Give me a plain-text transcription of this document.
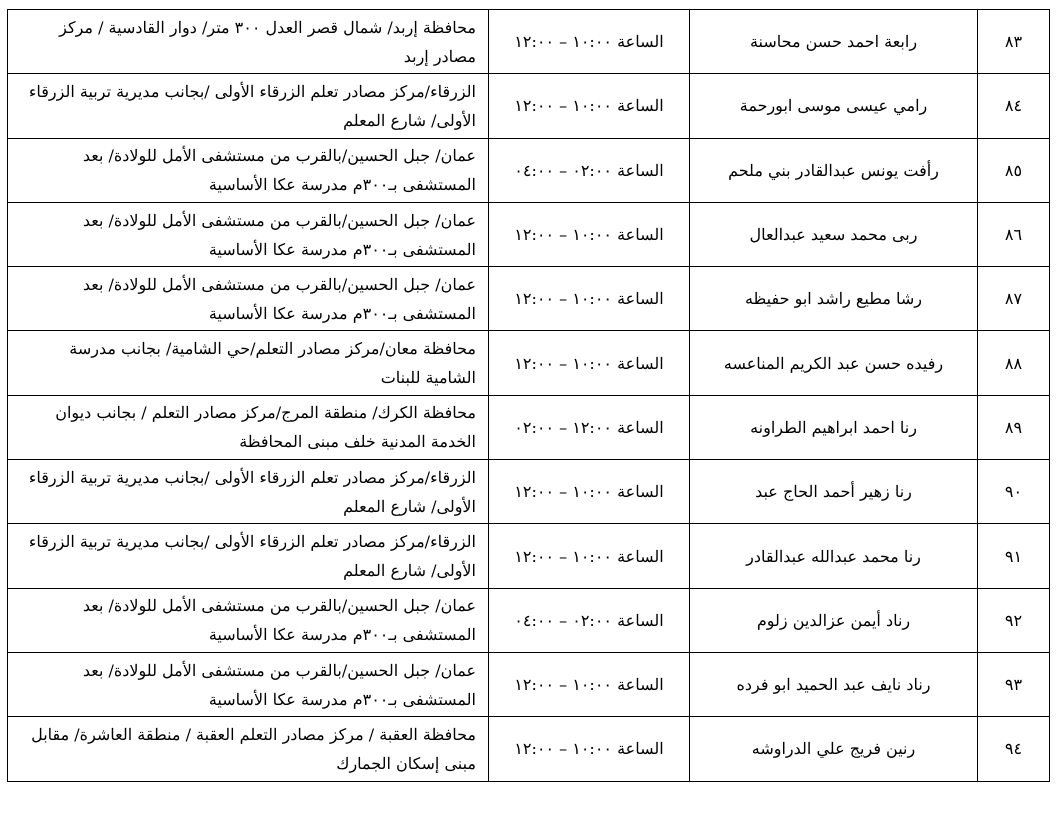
٨٣	رابعة احمد حسن محاسنة	الساعة ١٠:٠٠ – ١٢:٠٠	محافظة إربد/ شمال قصر العدل ٣٠٠ متر/ دوار القادسية / مركز مصادر إربد
٨٤	رامي عيسى موسى ابورحمة	الساعة ١٠:٠٠ – ١٢:٠٠	الزرقاء/مركز مصادر تعلم الزرقاء الأولى /بجانب مديرية تربية الزرقاء الأولى/ شارع المعلم
٨٥	رأفت يونس عبدالقادر بني ملحم	الساعة ٠٢:٠٠ – ٠٤:٠٠	عمان/ جبل الحسين/بالقرب من مستشفى الأمل للولادة/ بعد المستشفى بـ٣٠٠م مدرسة عكا الأساسية
٨٦	ربى محمد سعيد عبدالعال	الساعة ١٠:٠٠ – ١٢:٠٠	عمان/ جبل الحسين/بالقرب من مستشفى الأمل للولادة/ بعد المستشفى بـ٣٠٠م مدرسة عكا الأساسية
٨٧	رشا مطيع راشد ابو حفيظه	الساعة ١٠:٠٠ – ١٢:٠٠	عمان/ جبل الحسين/بالقرب من مستشفى الأمل للولادة/ بعد المستشفى بـ٣٠٠م مدرسة عكا الأساسية
٨٨	رفيده حسن عبد الكريم المناعسه	الساعة ١٠:٠٠ – ١٢:٠٠	محافظة معان/مركز مصادر التعلم/حي الشامية/ بجانب مدرسة الشامية للبنات
٨٩	رنا احمد ابراهيم الطراونه	الساعة ١٢:٠٠ – ٠٢:٠٠	محافظة الكرك/ منطقة المرج/مركز مصادر التعلم / بجانب ديوان الخدمة المدنية خلف مبنى المحافظة
٩٠	رنا زهير أحمد الحاج عبد	الساعة ١٠:٠٠ – ١٢:٠٠	الزرقاء/مركز مصادر تعلم الزرقاء الأولى /بجانب مديرية تربية الزرقاء الأولى/ شارع المعلم
٩١	رنا محمد عبدالله عبدالقادر	الساعة ١٠:٠٠ – ١٢:٠٠	الزرقاء/مركز مصادر تعلم الزرقاء الأولى /بجانب مديرية تربية الزرقاء الأولى/ شارع المعلم
٩٢	رناد أيمن عزالدين زلوم	الساعة ٠٢:٠٠ – ٠٤:٠٠	عمان/ جبل الحسين/بالقرب من مستشفى الأمل للولادة/ بعد المستشفى بـ٣٠٠م مدرسة عكا الأساسية
٩٣	رناد نايف عبد الحميد ابو فرده	الساعة ١٠:٠٠ – ١٢:٠٠	عمان/ جبل الحسين/بالقرب من مستشفى الأمل للولادة/ بعد المستشفى بـ٣٠٠م مدرسة عكا الأساسية
٩٤	رنين فريج علي الدراوشه	الساعة ١٠:٠٠ – ١٢:٠٠	محافظة العقبة / مركز مصادر التعلم العقبة / منطقة العاشرة/ مقابل مبنى إسكان الجمارك
